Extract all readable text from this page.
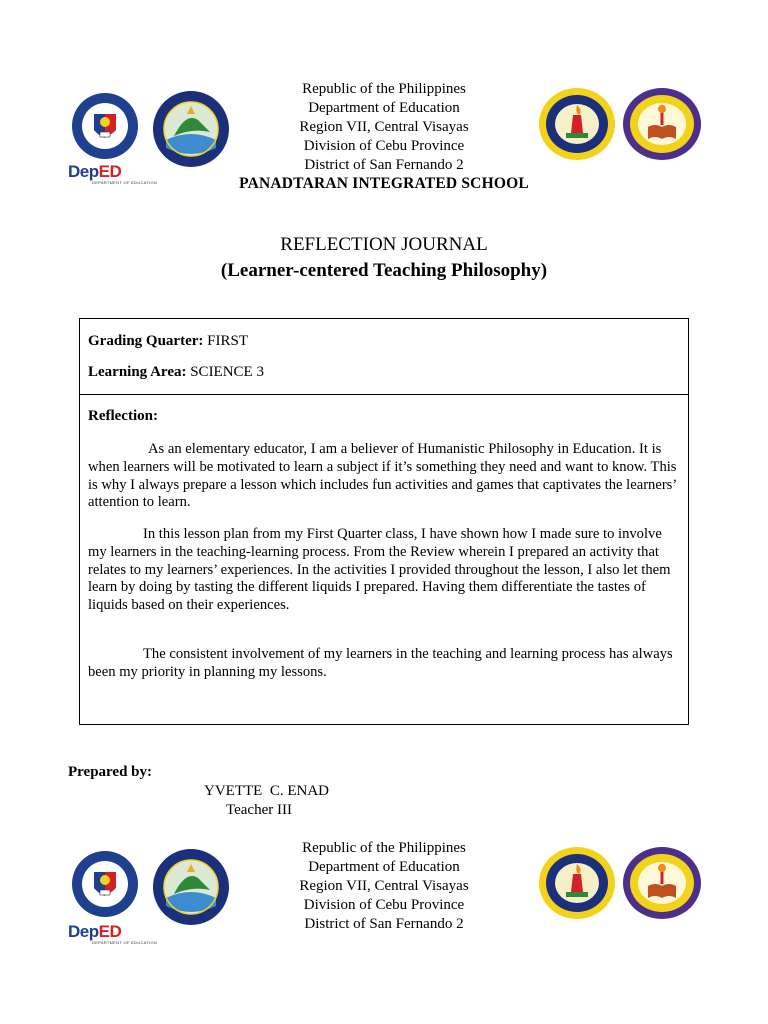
Republic of the Philippines
Department of Education
Region VII, Central Visayas
Division of Cebu Province
District of San Fernando 2
PANADTARAN INTEGRATED SCHOOL
DepED
DEPARTMENT OF EDUCATION
REFLECTION JOURNAL
(Learner-centered Teaching Philosophy)
Grading Quarter: FIRST
Learning Area: SCIENCE 3
Reflection:
As an elementary educator, I am a believer of Humanistic Philosophy in Education. It is when learners will be motivated to learn a subject if it’s something they need and want to know. This is why I always prepare a lesson which includes fun activities and games that captivates the learners’ attention to learn.
In this lesson plan from my First Quarter class, I have shown how I made sure to involve my learners in the teaching-learning process. From the Review wherein I prepared an activity that relates to my learners’ experiences. In the activities I provided throughout the lesson, I also let them learn by doing by tasting the different liquids I prepared. Having them differentiate the tastes of liquids based on their experiences.
The consistent involvement of my learners in the teaching and learning process has always been my priority in planning my lessons.
Prepared by:
YVETTE  C. ENAD
Teacher III
Republic of the Philippines
Department of Education
Region VII, Central Visayas
Division of Cebu Province
District of San Fernando 2
DepED
DEPARTMENT OF EDUCATION
